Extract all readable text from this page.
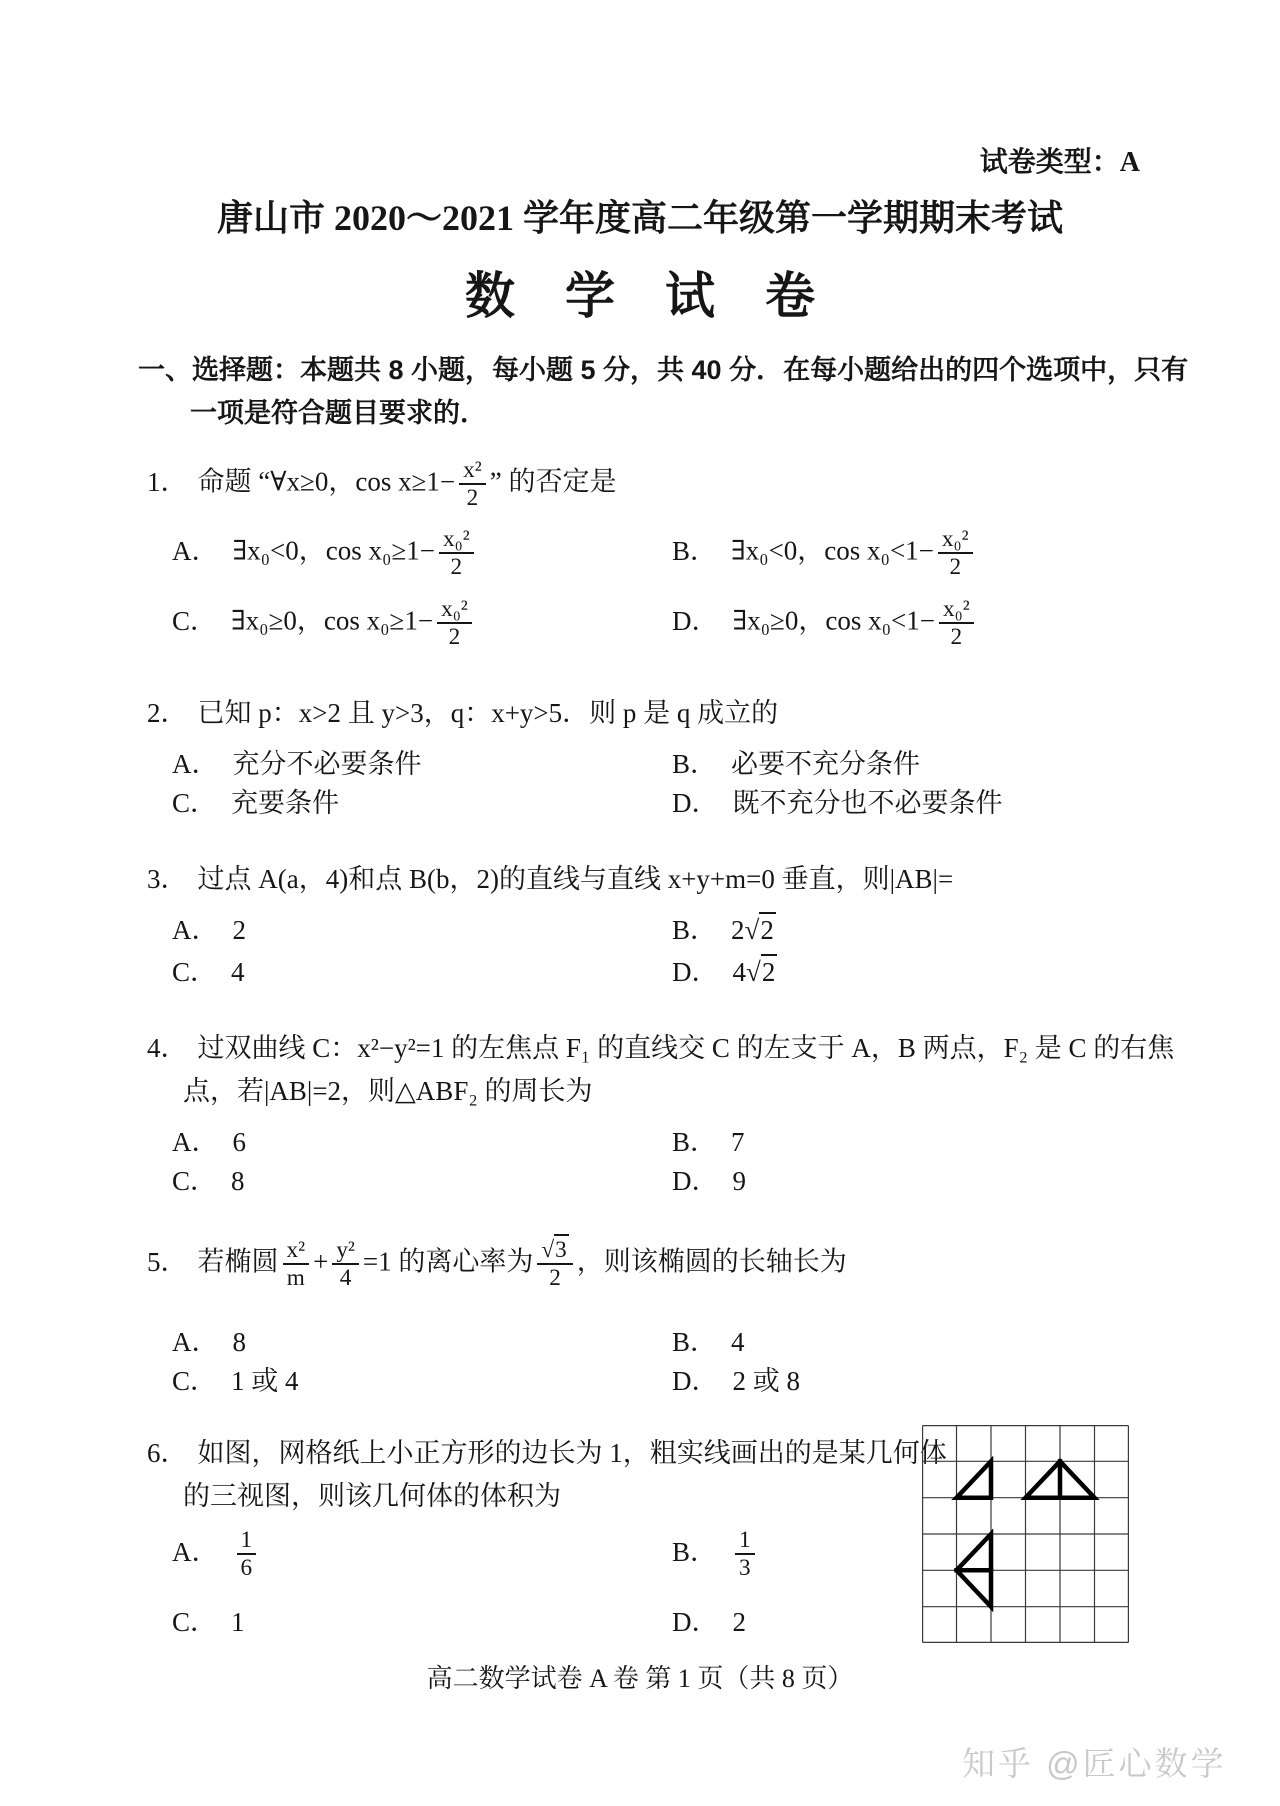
试卷类型：A
唐山市 2020～2021 学年度高二年级第一学期期末考试
数　学　试　卷
一、选择题：本题共 8 小题，每小题 5 分，共 40 分．在每小题给出的四个选项中，只有
一项是符合题目要求的．
1． 命题 “∀x≥0，$\cos x\ge 1- \frac{\text{x²}}{2}$ ” 的否定是
A． ∃x₀<0，$\cos x_0\ge 1- \frac{\text{x₀²}}{2}$	B． ∃x₀<0，$\cos x_0<1- \frac{\text{x₀²}}{2}$
C． ∃x₀≥0，$\cos x_0\ge 1- \frac{\text{x₀²}}{2}$	D． ∃x₀≥0，$\cos x_0<1- \frac{\text{x₀²}}{2}$
2． 已知 p：x>2 且 y>3，q：x+y>5．则 p 是 q 成立的
A． 充分不必要条件	B． 必要不充分条件
C． 充要条件	D． 既不充分也不必要条件
3． 过点 A(a，4)和点 B(b，2)的直线与直线 x+y+m=0 垂直，则|AB|=
A． 2	B． 2√2
C． 4	D． 4√2
4． 过双曲线 C：x²−y²=1 的左焦点 F₁ 的直线交 C 的左支于 A，B 两点，F₂ 是 C 的右焦
点，若|AB|=2，则△ABF₂ 的周长为
A． 6	B． 7
C． 8	D． 9
5． 若椭圆 $\frac{\text{x²}}{m} + \frac{\text{y²}}{4} =1$ 的离心率为 $\frac{√3}{2}$ ，则该椭圆的长轴长为
A． 8	B． 4
C． 1 或 4	D． 2 或 8
6． 如图，网格纸上小正方形的边长为 1，粗实线画出的是某几何体
的三视图，则该几何体的体积为
A． $\frac{1}{6}$	B． $\frac{1}{3}$
C． 1	D． 2
高二数学试卷 A 卷 第 1 页（共 8 页）
知乎 @匠心数学
